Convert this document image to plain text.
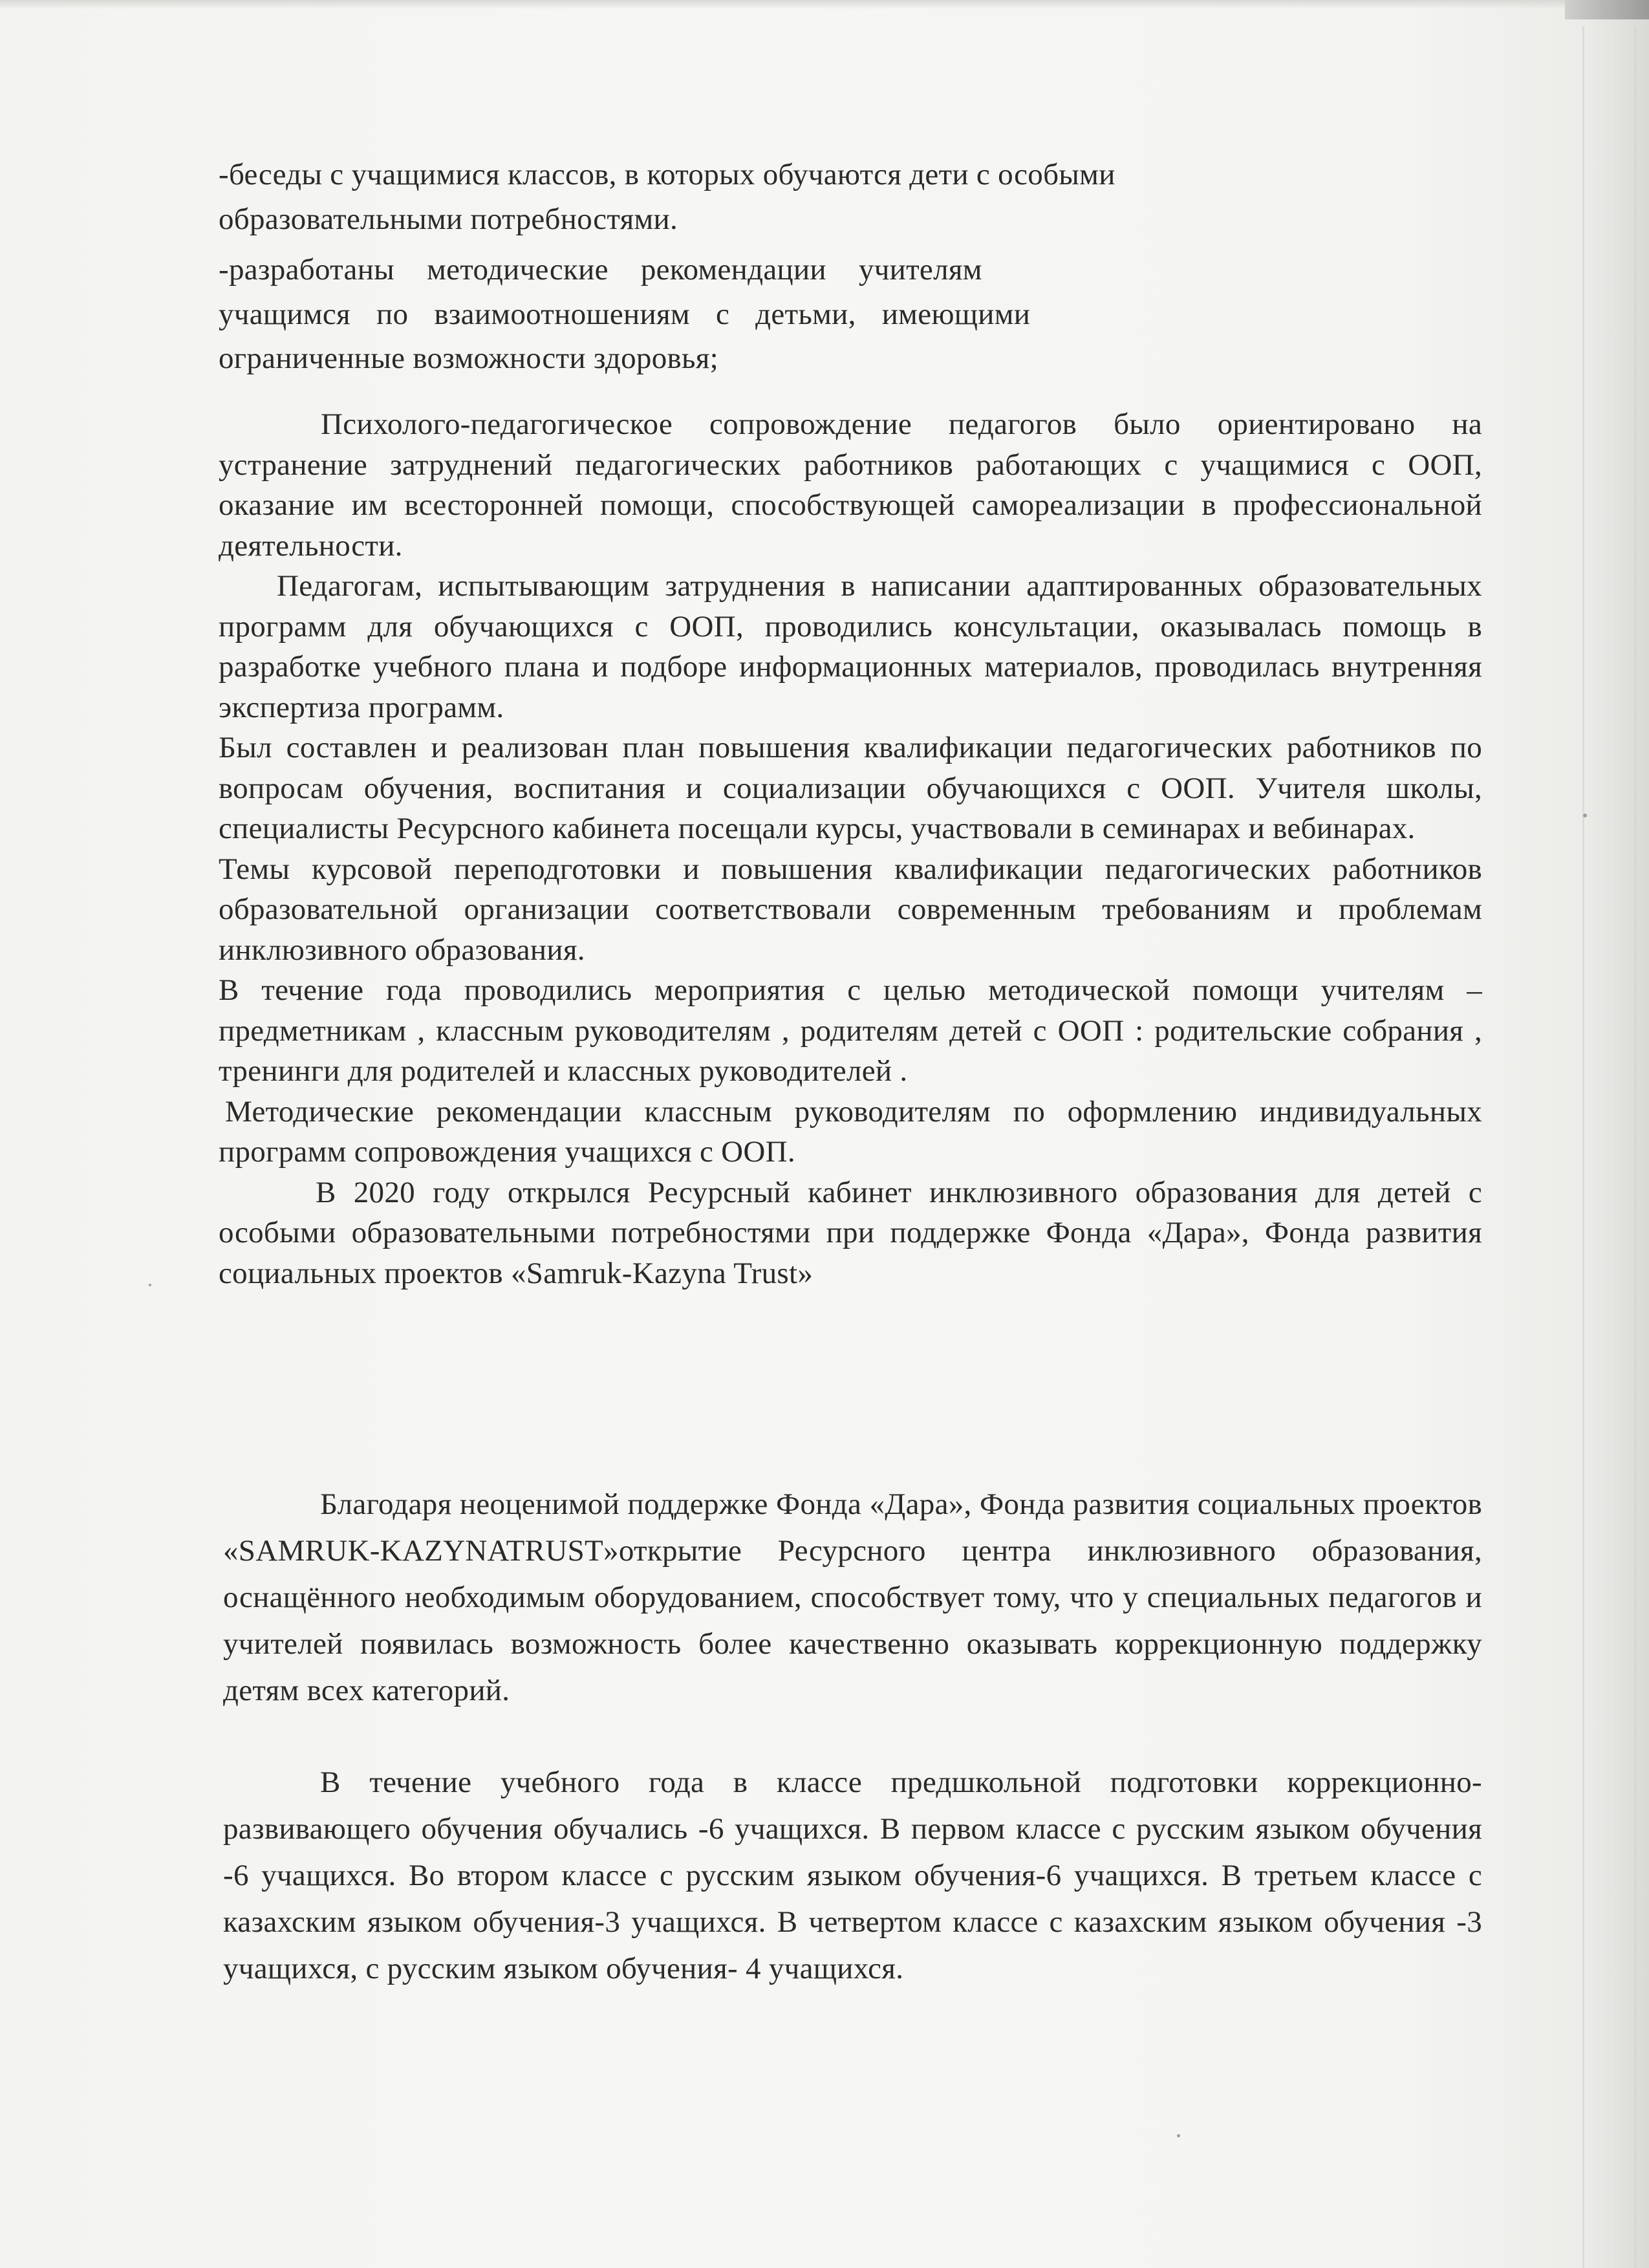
-беседы с учащимися классов, в которых обучаются дети с особыми

образовательными потребностями.

-разработаны методические рекомендации учителям

учащимся по взаимоотношениям с детьми, имеющими

ограниченные возможности здоровья;

Психолого-педагогическое сопровождение педагогов было ориентировано на устранение затруднений педагогических работников работающих с учащимися с ООП, оказание им всесторонней помощи, способствующей самореализации в профессиональной деятельности.

Педагогам, испытывающим затруднения в написании адаптированных образовательных программ для обучающихся с ООП, проводились консультации, оказывалась помощь в разработке учебного плана и подборе информационных материалов, проводилась внутренняя экспертиза программ.

Был составлен и реализован план повышения квалификации педагогических работников по вопросам обучения, воспитания и социализации обучающихся с ООП. Учителя школы, специалисты Ресурсного кабинета посещали курсы, участвовали в семинарах и вебинарах.

Темы курсовой переподготовки и повышения квалификации педагогических работников образовательной организации соответствовали современным требованиям и проблемам инклюзивного образования.

В течение года проводились мероприятия с целью методической помощи учителям – предметникам , классным руководителям , родителям детей с ООП : родительские собрания , тренинги для родителей и классных руководителей .

Методические рекомендации классным руководителям по оформлению индивидуальных программ сопровождения учащихся с ООП.

В 2020 году открылся Ресурсный кабинет инклюзивного образования для детей с особыми образовательными потребностями при поддержке Фонда «Дара», Фонда развития социальных проектов «Samruk-Kazyna Trust»

Благодаря неоценимой поддержке Фонда «Дара», Фонда развития социальных проектов «SAMRUK-KAZYNATRUST»открытие Ресурсного центра инклюзивного образования, оснащённого необходимым оборудованием, способствует тому, что у специальных педагогов и учителей появилась возможность более качественно оказывать коррекционную поддержку детям всех категорий.

В течение учебного года в классе предшкольной подготовки коррекционно-развивающего обучения обучались -6 учащихся. В первом классе с русским языком обучения -6 учащихся. Во втором классе с русским языком обучения-6 учащихся. В третьем классе с казахским языком обучения-3 учащихся. В четвертом классе с казахским языком обучения -3 учащихся, с русским языком обучения- 4 учащихся.
